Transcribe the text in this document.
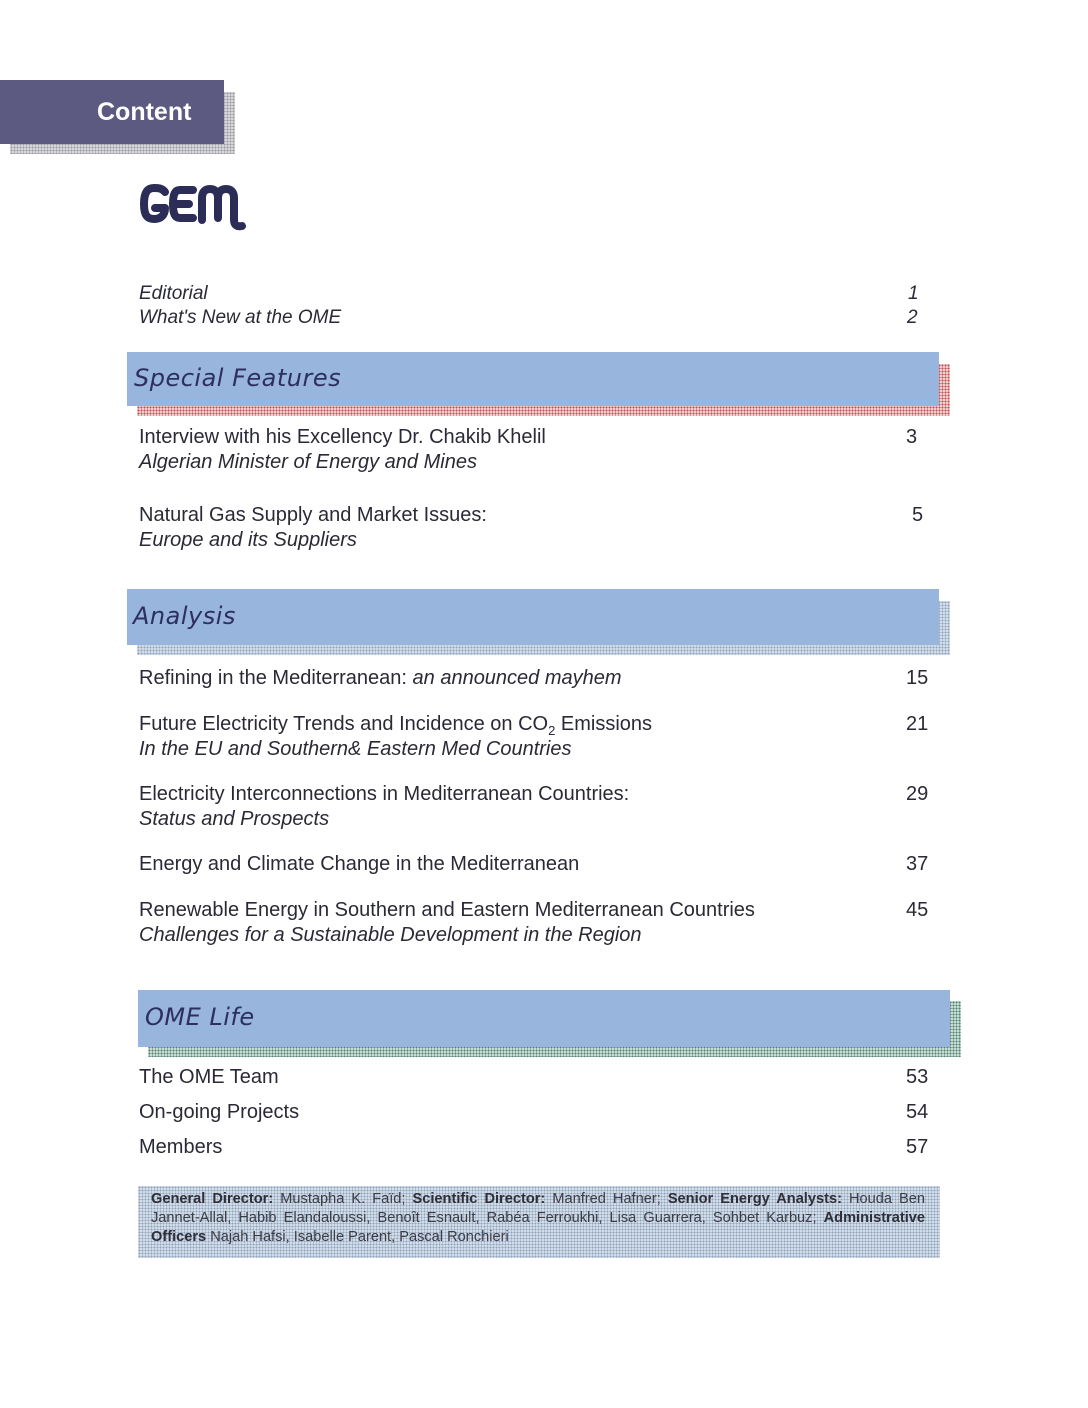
Content
Editorial	1
What's New at the OME	2
Special Features
Interview with his Excellency Dr. Chakib Khelil	3
Algerian Minister of Energy and Mines
Natural Gas Supply and Market Issues:	5
Europe and its Suppliers
Analysis
Refining in the Mediterranean: an announced mayhem	15
Future Electricity Trends and Incidence on $CO_2$ Emissions	21
In the EU and Southern& Eastern Med Countries
Electricity Interconnections in Mediterranean Countries:	29
Status and Prospects
Energy and Climate Change in the Mediterranean	37
Renewable Energy in Southern and Eastern Mediterranean Countries	45
Challenges for a Sustainable Development in the Region
OME Life
The OME Team	53
On-going Projects	54
Members	57
General Director: Mustapha K. Faïd; Scientific Director: Manfred Hafner; Senior Energy Analysts: Houda Ben Jannet-Allal, Habib Elandaloussi, Benoît Esnault, Rabéa Ferroukhi, Lisa Guarrera, Sohbet Karbuz; Administrative Officers Najah Hafsi, Isabelle Parent, Pascal Ronchieri
